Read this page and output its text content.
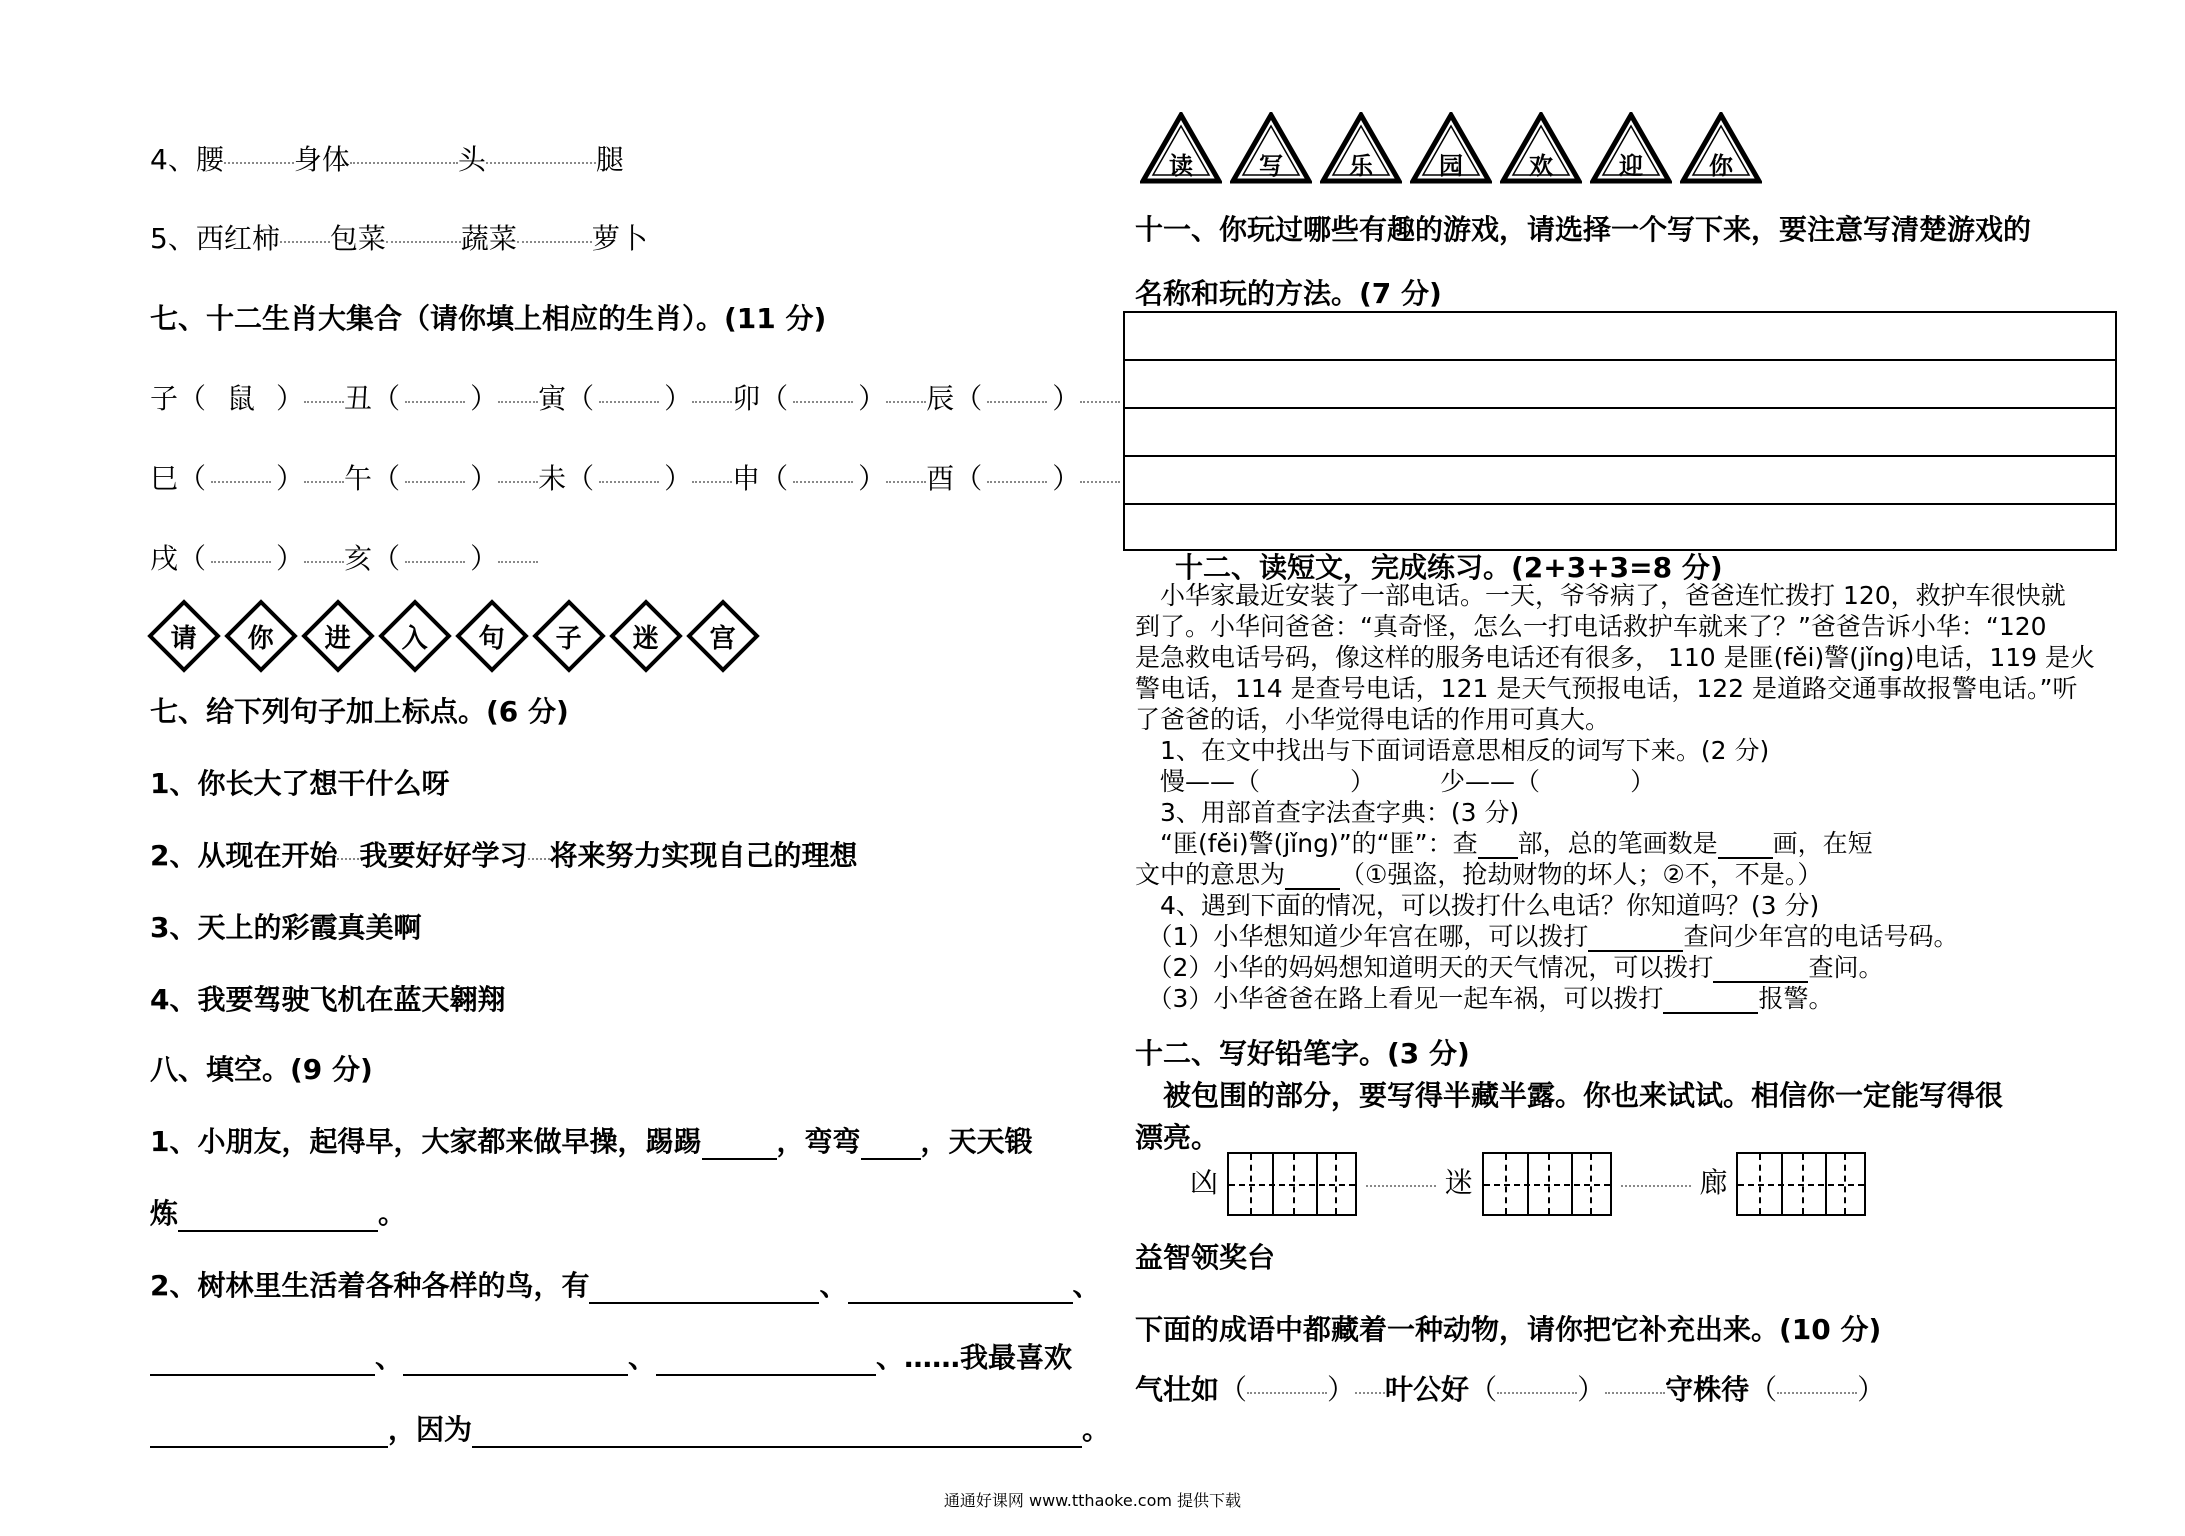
4、腰	身体	头	腿
5、西红柿 包菜	蔬菜	萝卜
七、十二生肖大集合（请你填上相应的生肖）。(11 分)
子（ 鼠 ） 丑（	） 寅（	） 卯（	） 辰（	）
巳（	） 午（	） 未（	） 申（	） 酉（	）
戌（	） 亥（	）
请 你 进 入 句 子 迷 宫
七、给下列句子加上标点。(6 分)
1、你长大了想干什么呀
2、从现在开始 我要好好学习 将来努力实现自己的理想
3、天上的彩霞真美啊
4、我要驾驶飞机在蓝天翱翔
八、填空。(9 分)
1、小朋友，起得早，大家都来做早操，踢踢	，弯弯 ，天天锻
炼	。
2、树林里生活着各种各样的鸟，有	、	、
、	、	、……我最喜欢
，因为	。
读	写	乐	园	欢	迎	你
十一、你玩过哪些有趣的游戏，请选择一个写下来，要注意写清楚游戏的
名称和玩的方法。(7 分)
十二、读短文，完成练习。(2+3+3=8 分)
　小华家最近安装了一部电话。一天，爷爷病了，爸爸连忙拨打 120，救护车很快就
到了。小华问爸爸：“真奇怪，怎么一打电话救护车就来了？”爸爸告诉小华：“120
是急救电话号码，像这样的服务电话还有很多， 110 是匪(fěi)警(jǐng)电话，119 是火
警电话，114 是查号电话，121 是天气预报电话，122 是道路交通事故报警电话。”听
了爸爸的话，小华觉得电话的作用可真大。
　1、在文中找出与下面词语意思相反的词写下来。(2 分)
　慢——（	）	少——（	）
　3、用部首查字法查字典：(3 分)
　“匪(fěi)警(jǐng)”的“匪”：查 部，总的笔画数是 画，在短
文中的意思为 （①强盗，抢劫财物的坏人；②不，不是。）
　4、遇到下面的情况，可以拨打什么电话？你知道吗？(3 分)
　（1）小华想知道少年宫在哪，可以拨打	查问少年宫的电话号码。
　（2）小华的妈妈想知道明天的天气情况，可以拨打	查问。
　（3）小华爸爸在路上看见一起车祸，可以拨打	报警。
十二、写好铅笔字。(3 分)
　被包围的部分，要写得半藏半露。你也来试试。相信你一定能写得很
漂亮。
凶	迷	廊
益智领奖台
下面的成语中都藏着一种动物，请你把它补充出来。(10 分)
气壮如（	） 叶公好（	） 守株待（	）
通通好课网 www.tthaoke.com 提供下载
